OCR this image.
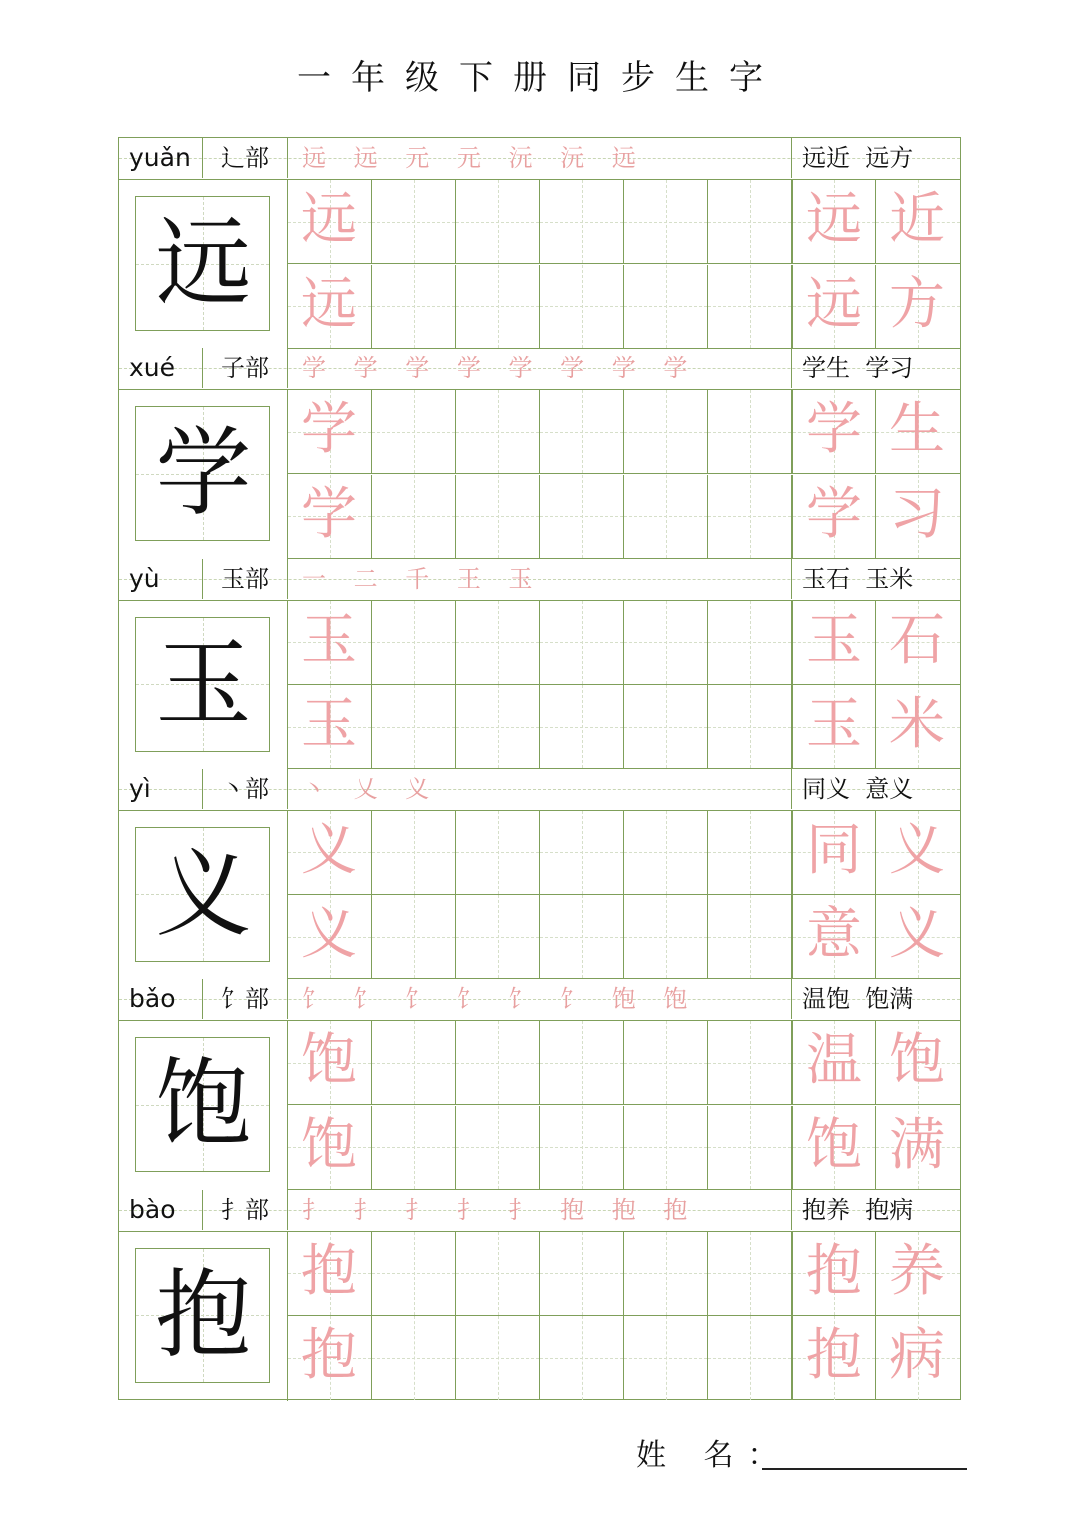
一年级下册同步生字
yuǎn	辶部	远 远 元 元 沅 沅 远	远近  远方
远 远	远 近
远	远 方
xué	子部	学 学 学 学 学 学 学 学	学生  学习
学 学	学 生
学	学 习
yù	玉部	一 二 千 王 玉	玉石  玉米
玉 玉	玉 石
玉	玉 米
yì	丶部	丶 乂 义	同义  意义
义 义	同 义
义	意 义
bǎo	饣部	饣 饣 饣 饣 饣 饣 饱 饱	温饱  饱满
饱 饱	温 饱
饱	饱 满
bào	扌部	扌 扌 扌 扌 扌 抱 抱 抱	抱养  抱病
抱 抱	抱 养
抱	抱 病
姓 名：
